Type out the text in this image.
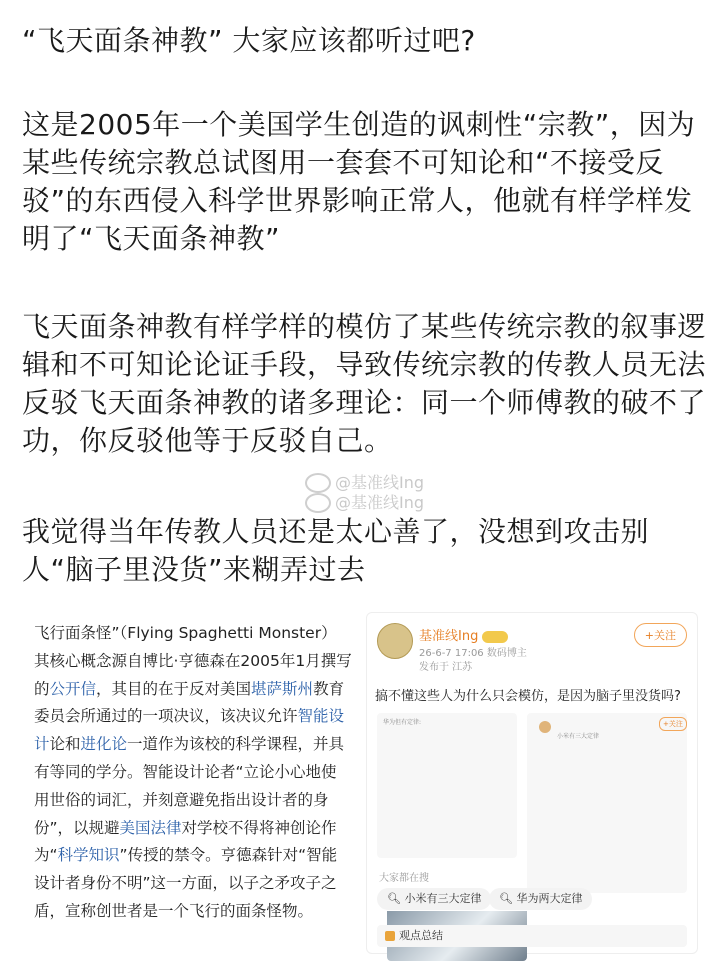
“飞天面条神教” 大家应该都听过吧?

这是2005年一个美国学生创造的讽刺性“宗教”，因为某些传统宗教总试图用一套套不可知论和“不接受反驳”的东西侵入科学世界影响正常人，他就有样学样发明了“飞天面条神教”

飞天面条神教有样学样的模仿了某些传统宗教的叙事逻辑和不可知论论证手段，导致传统宗教的传教人员无法反驳飞天面条神教的诸多理论：同一个师傅教的破不了功，你反驳他等于反驳自己。

我觉得当年传教人员还是太心善了，没想到攻击别人“脑子里没货”来糊弄过去

@基准线Ing
@基准线Ing

飞行面条怪”（Flying Spaghetti Monster）其核心概念源自博比·亨德森在2005年1月撰写的公开信，其目的在于反对美国堪萨斯州教育委员会所通过的一项决议，该决议允许智能设计论和进化论一道作为该校的科学课程，并具有等同的学分。智能设计论者“立论小心地使用世俗的词汇，并刻意避免指出设计者的身份”，以规避美国法律对学校不得将神创论作为“科学知识”传授的禁令。亨德森针对“智能设计者身份不明”这一方面，以子之矛攻子之盾，宣称创世者是一个飞行的面条怪物。

基准线Ing
26-6-7 17:06 数码博主
发布于 江苏
+关注
搞不懂这些人为什么只会模仿，是因为脑子里没货吗?
华为但有定律:
小米有三大定律
+关注
大家都在搜
🔍︎ 小米有三大定律	🔍︎ 华为两大定律
观点总结
